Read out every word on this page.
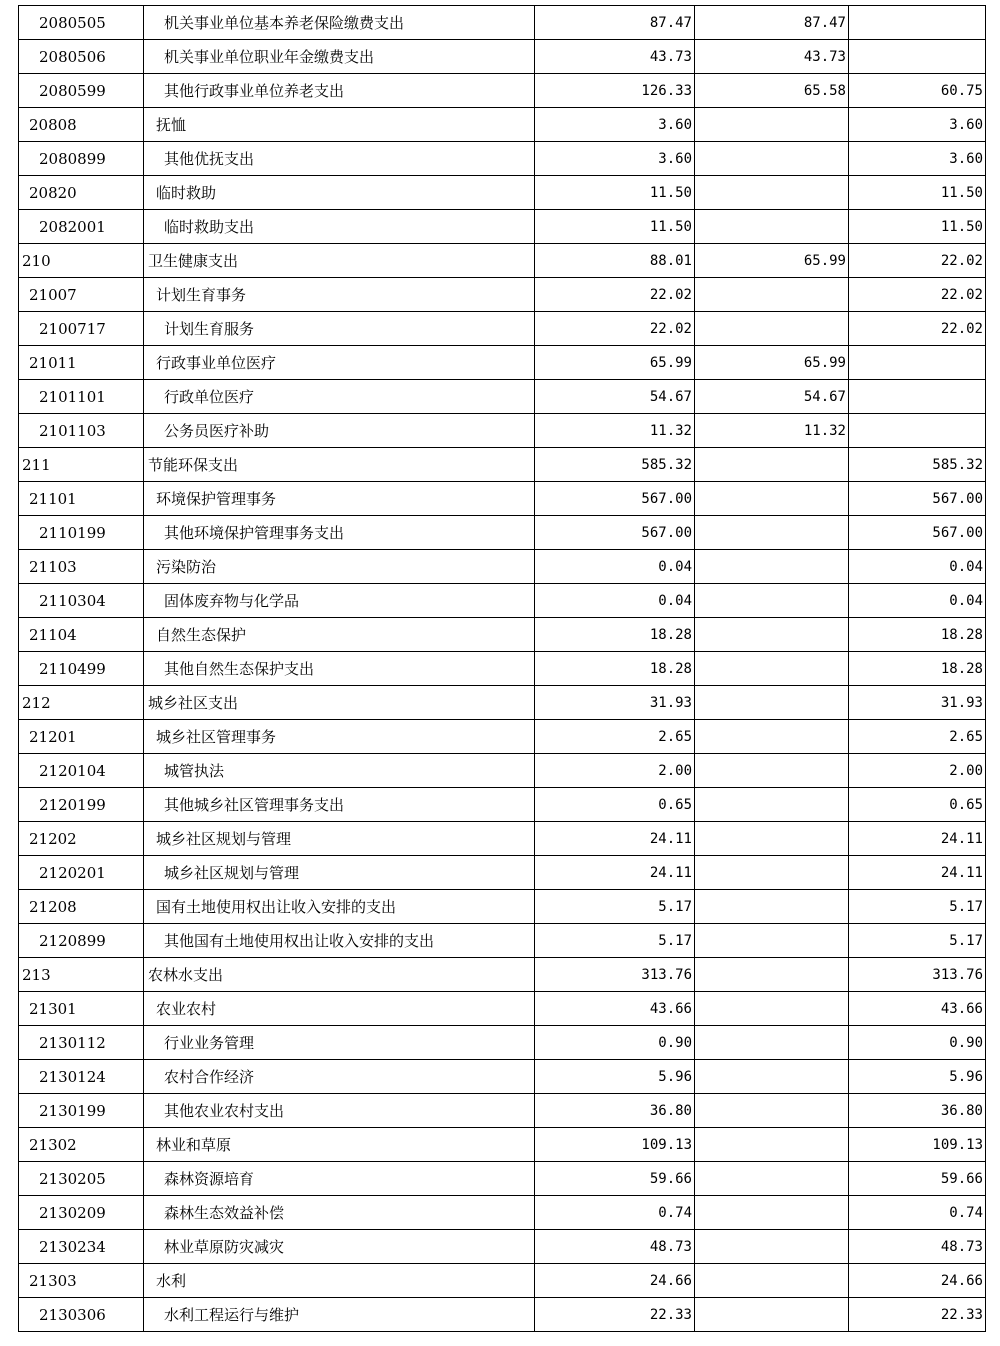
2080505	机关事业单位基本养老保险缴费支出	87.47	87.47	
2080506	机关事业单位职业年金缴费支出	43.73	43.73	
2080599	其他行政事业单位养老支出	126.33	65.58	60.75
20808	抚恤	3.60		3.60
2080899	其他优抚支出	3.60		3.60
20820	临时救助	11.50		11.50
2082001	临时救助支出	11.50		11.50
210	卫生健康支出	88.01	65.99	22.02
21007	计划生育事务	22.02		22.02
2100717	计划生育服务	22.02		22.02
21011	行政事业单位医疗	65.99	65.99	
2101101	行政单位医疗	54.67	54.67	
2101103	公务员医疗补助	11.32	11.32	
211	节能环保支出	585.32		585.32
21101	环境保护管理事务	567.00		567.00
2110199	其他环境保护管理事务支出	567.00		567.00
21103	污染防治	0.04		0.04
2110304	固体废弃物与化学品	0.04		0.04
21104	自然生态保护	18.28		18.28
2110499	其他自然生态保护支出	18.28		18.28
212	城乡社区支出	31.93		31.93
21201	城乡社区管理事务	2.65		2.65
2120104	城管执法	2.00		2.00
2120199	其他城乡社区管理事务支出	0.65		0.65
21202	城乡社区规划与管理	24.11		24.11
2120201	城乡社区规划与管理	24.11		24.11
21208	国有土地使用权出让收入安排的支出	5.17		5.17
2120899	其他国有土地使用权出让收入安排的支出	5.17		5.17
213	农林水支出	313.76		313.76
21301	农业农村	43.66		43.66
2130112	行业业务管理	0.90		0.90
2130124	农村合作经济	5.96		5.96
2130199	其他农业农村支出	36.80		36.80
21302	林业和草原	109.13		109.13
2130205	森林资源培育	59.66		59.66
2130209	森林生态效益补偿	0.74		0.74
2130234	林业草原防灾减灾	48.73		48.73
21303	水利	24.66		24.66
2130306	水利工程运行与维护	22.33		22.33
